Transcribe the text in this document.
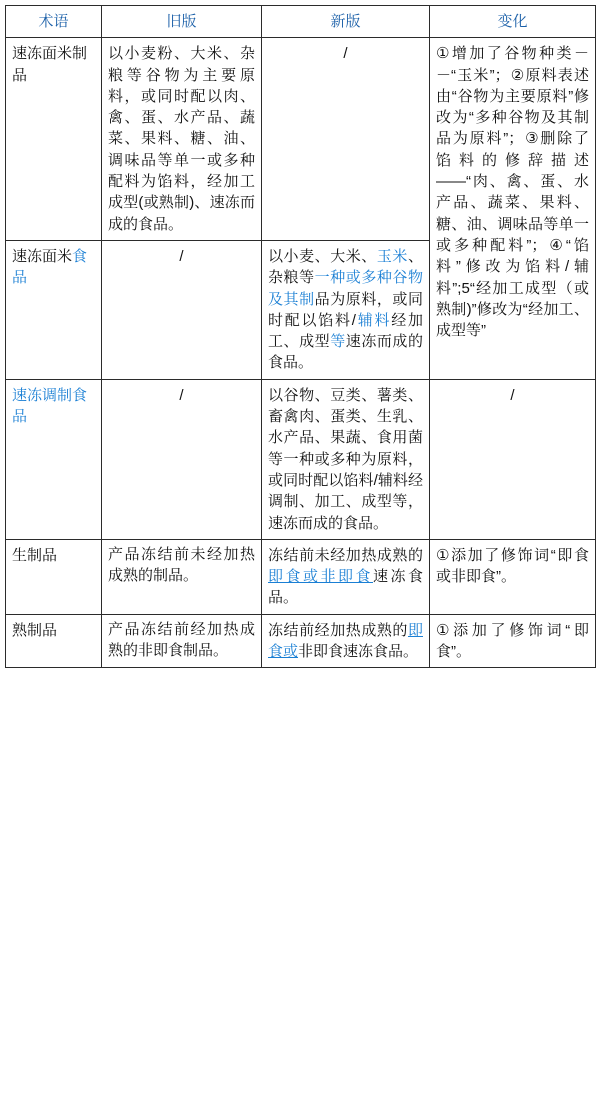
术语	旧版	新版	变化
速冻面米制品	以小麦粉、大米、杂粮等谷物为主要原料，或同时配以肉、禽、蛋、水产品、蔬菜、果料、糖、油、调味品等单一或多种配料为馅料，经加工成型(或熟制)、速冻而成的食品。	/	①增加了谷物种类－－“玉米”；②原料表述由“谷物为主要原料”修改为“多种谷物及其制品为原料”；③删除了馅料的修辞描述——“肉、禽、蛋、水产品、蔬菜、果料、糖、油、调味品等单一或多种配料”；④“馅料”修改为馅料/辅料”;5“经加工成型（或熟制)”修改为“经加工、成型等”
速冻面米食品	/	以小麦、大米、玉米、杂粮等一种或多种谷物及其制品为原料，或同时配以馅料/辅料经加工、成型等速冻而成的食品。	
速冻调制食品	/	以谷物、豆类、薯类、畜禽肉、蛋类、生乳、水产品、果蔬、食用菌等一种或多种为原料，或同时配以馅料/辅料经调制、加工、成型等，速冻而成的食品。	/
生制品	产品冻结前未经加热成熟的制品。	冻结前未经加热成熟的即食或非即食速冻食品。	①添加了修饰词“即食或非即食”。
熟制品	产品冻结前经加热成熟的非即食制品。	冻结前经加热成熟的即食或非即食速冻食品。	①添加了修饰词“即食”。
